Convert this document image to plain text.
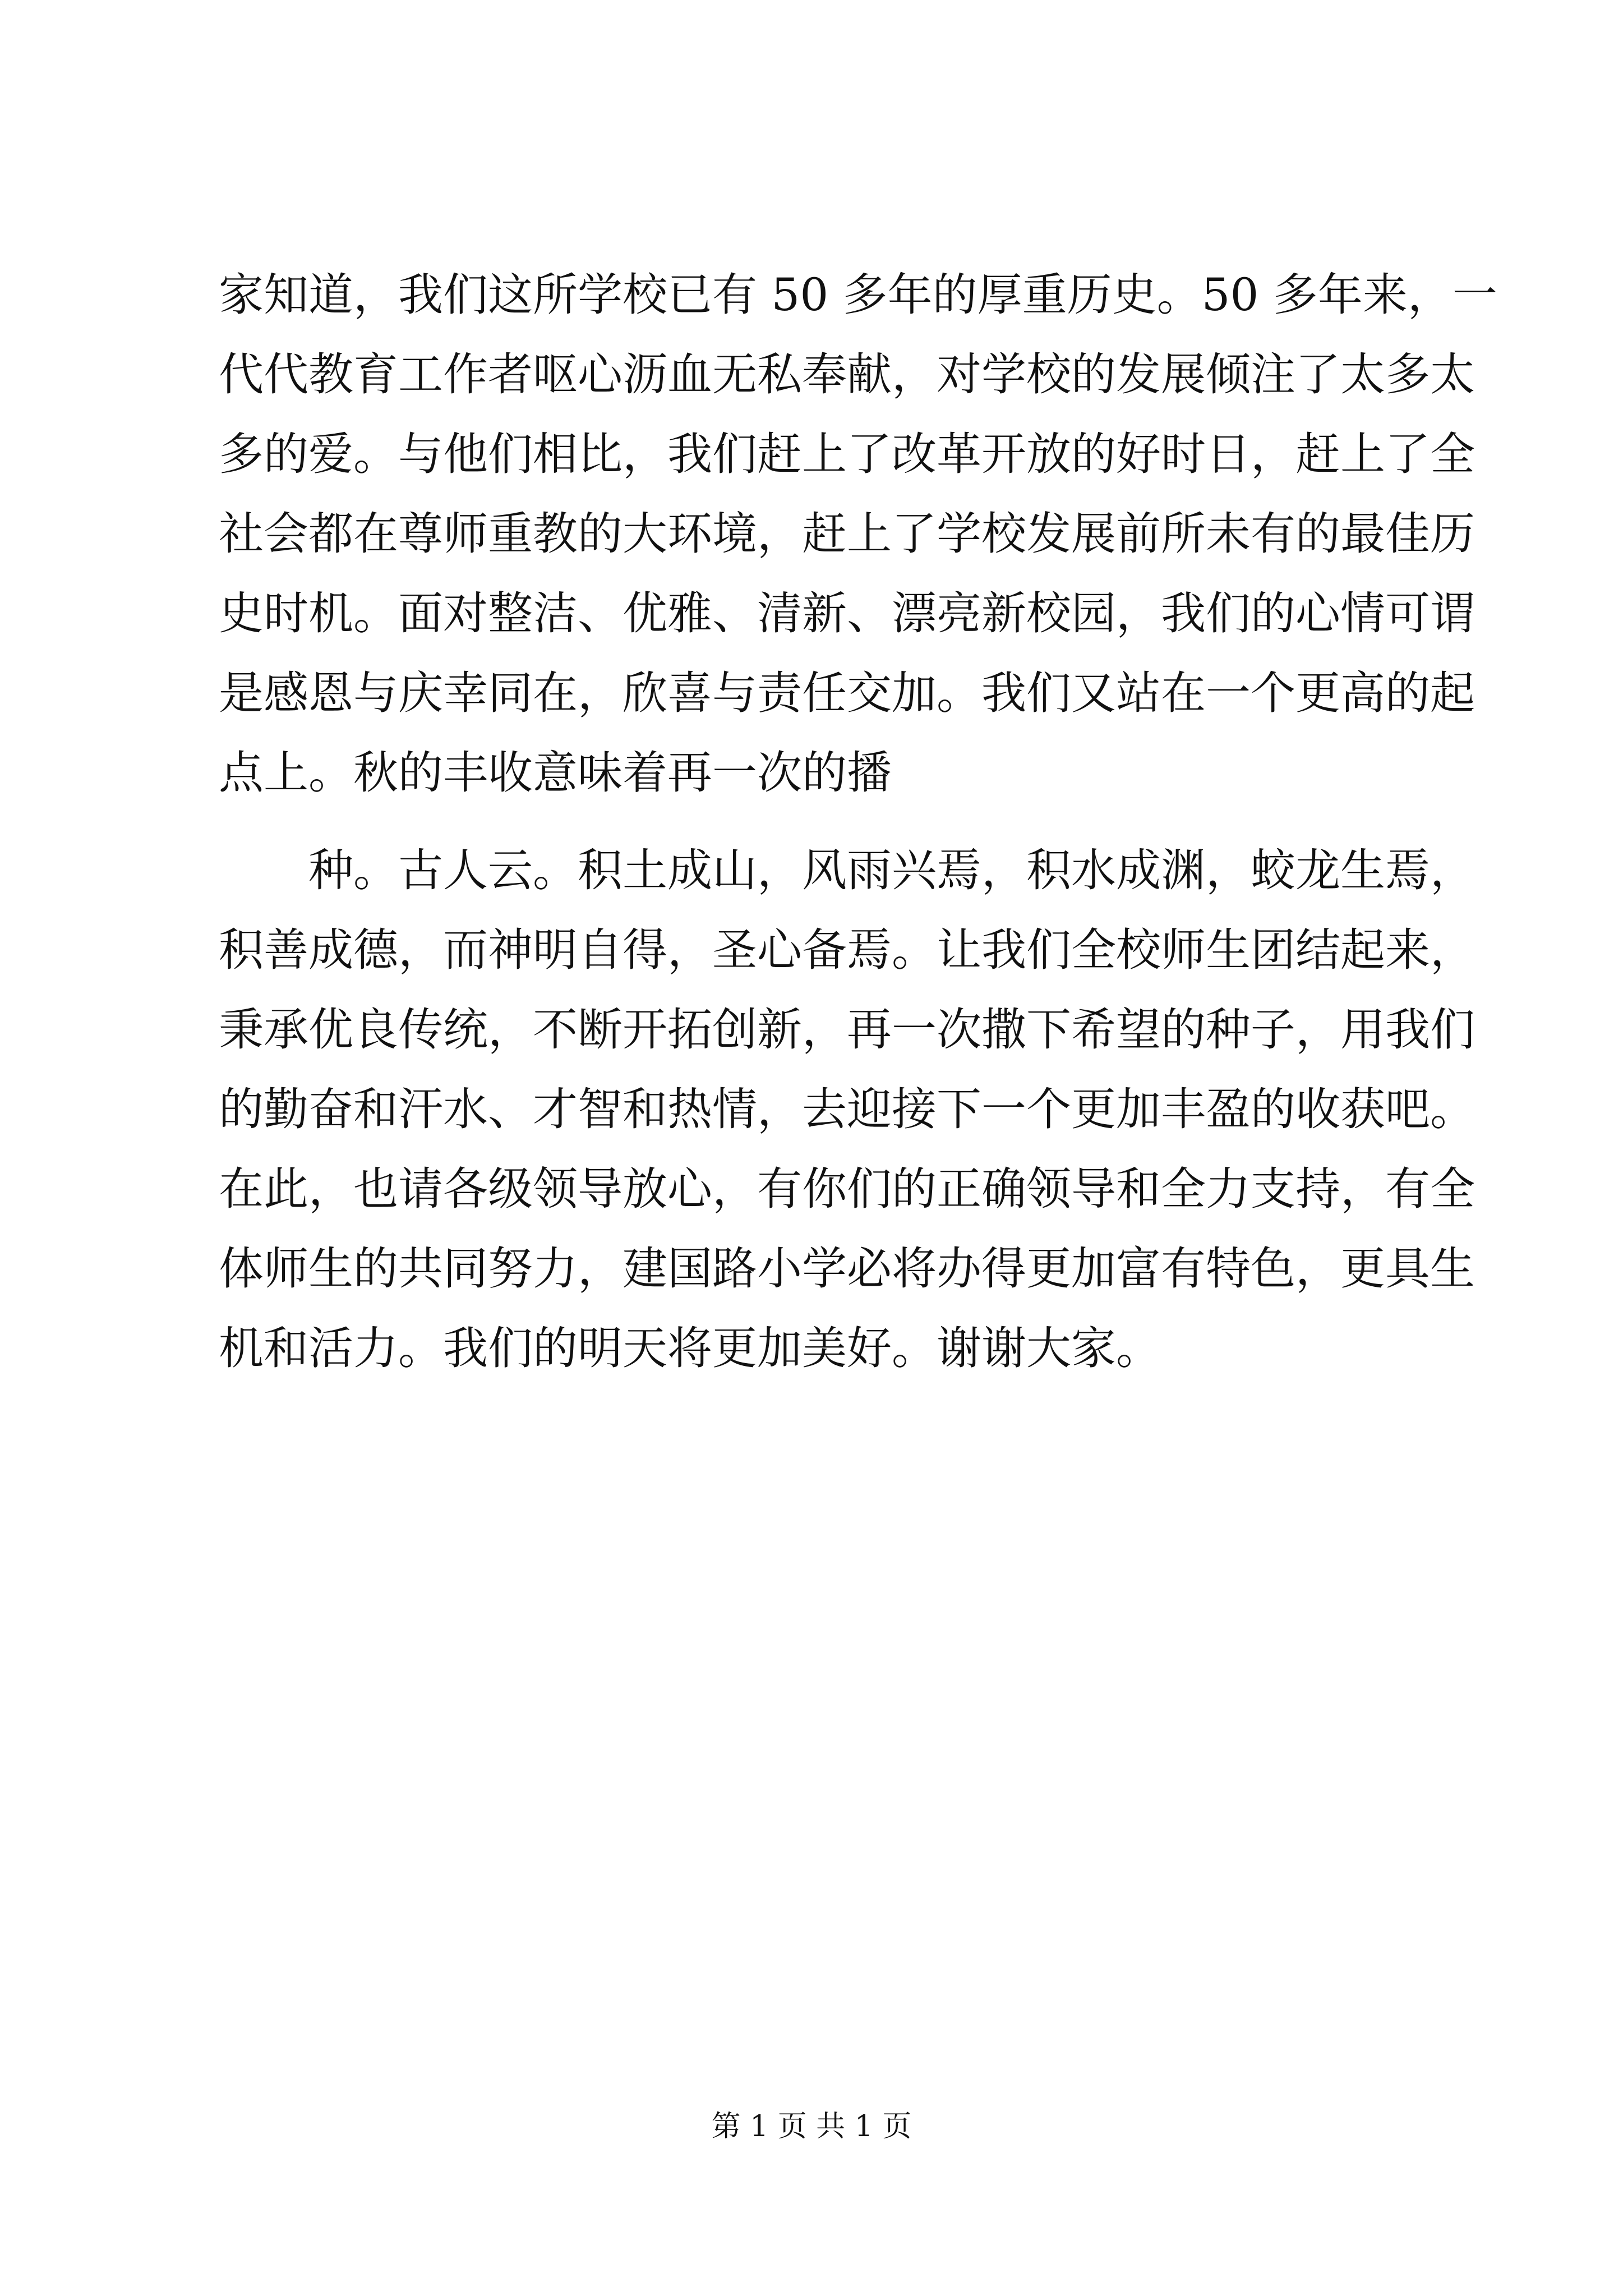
家知道，我们这所学校已有 50 多年的厚重历史。50 多年来，一
代代教育工作者呕心沥血无私奉献，对学校的发展倾注了太多太
多的爱。与他们相比，我们赶上了改革开放的好时日，赶上了全
社会都在尊师重教的大环境，赶上了学校发展前所未有的最佳历
史时机。面对整洁、优雅、清新、漂亮新校园，我们的心情可谓
是感恩与庆幸同在，欣喜与责任交加。我们又站在一个更高的起
点上。秋的丰收意味着再一次的播
种。古人云。积土成山，风雨兴焉，积水成渊，蛟龙生焉，
积善成德，而神明自得，圣心备焉。让我们全校师生团结起来，
秉承优良传统，不断开拓创新，再一次撒下希望的种子，用我们
的勤奋和汗水、才智和热情，去迎接下一个更加丰盈的收获吧。
在此，也请各级领导放心，有你们的正确领导和全力支持，有全
体师生的共同努力，建国路小学必将办得更加富有特色，更具生
机和活力。我们的明天将更加美好。谢谢大家。
第 1 页 共 1 页
